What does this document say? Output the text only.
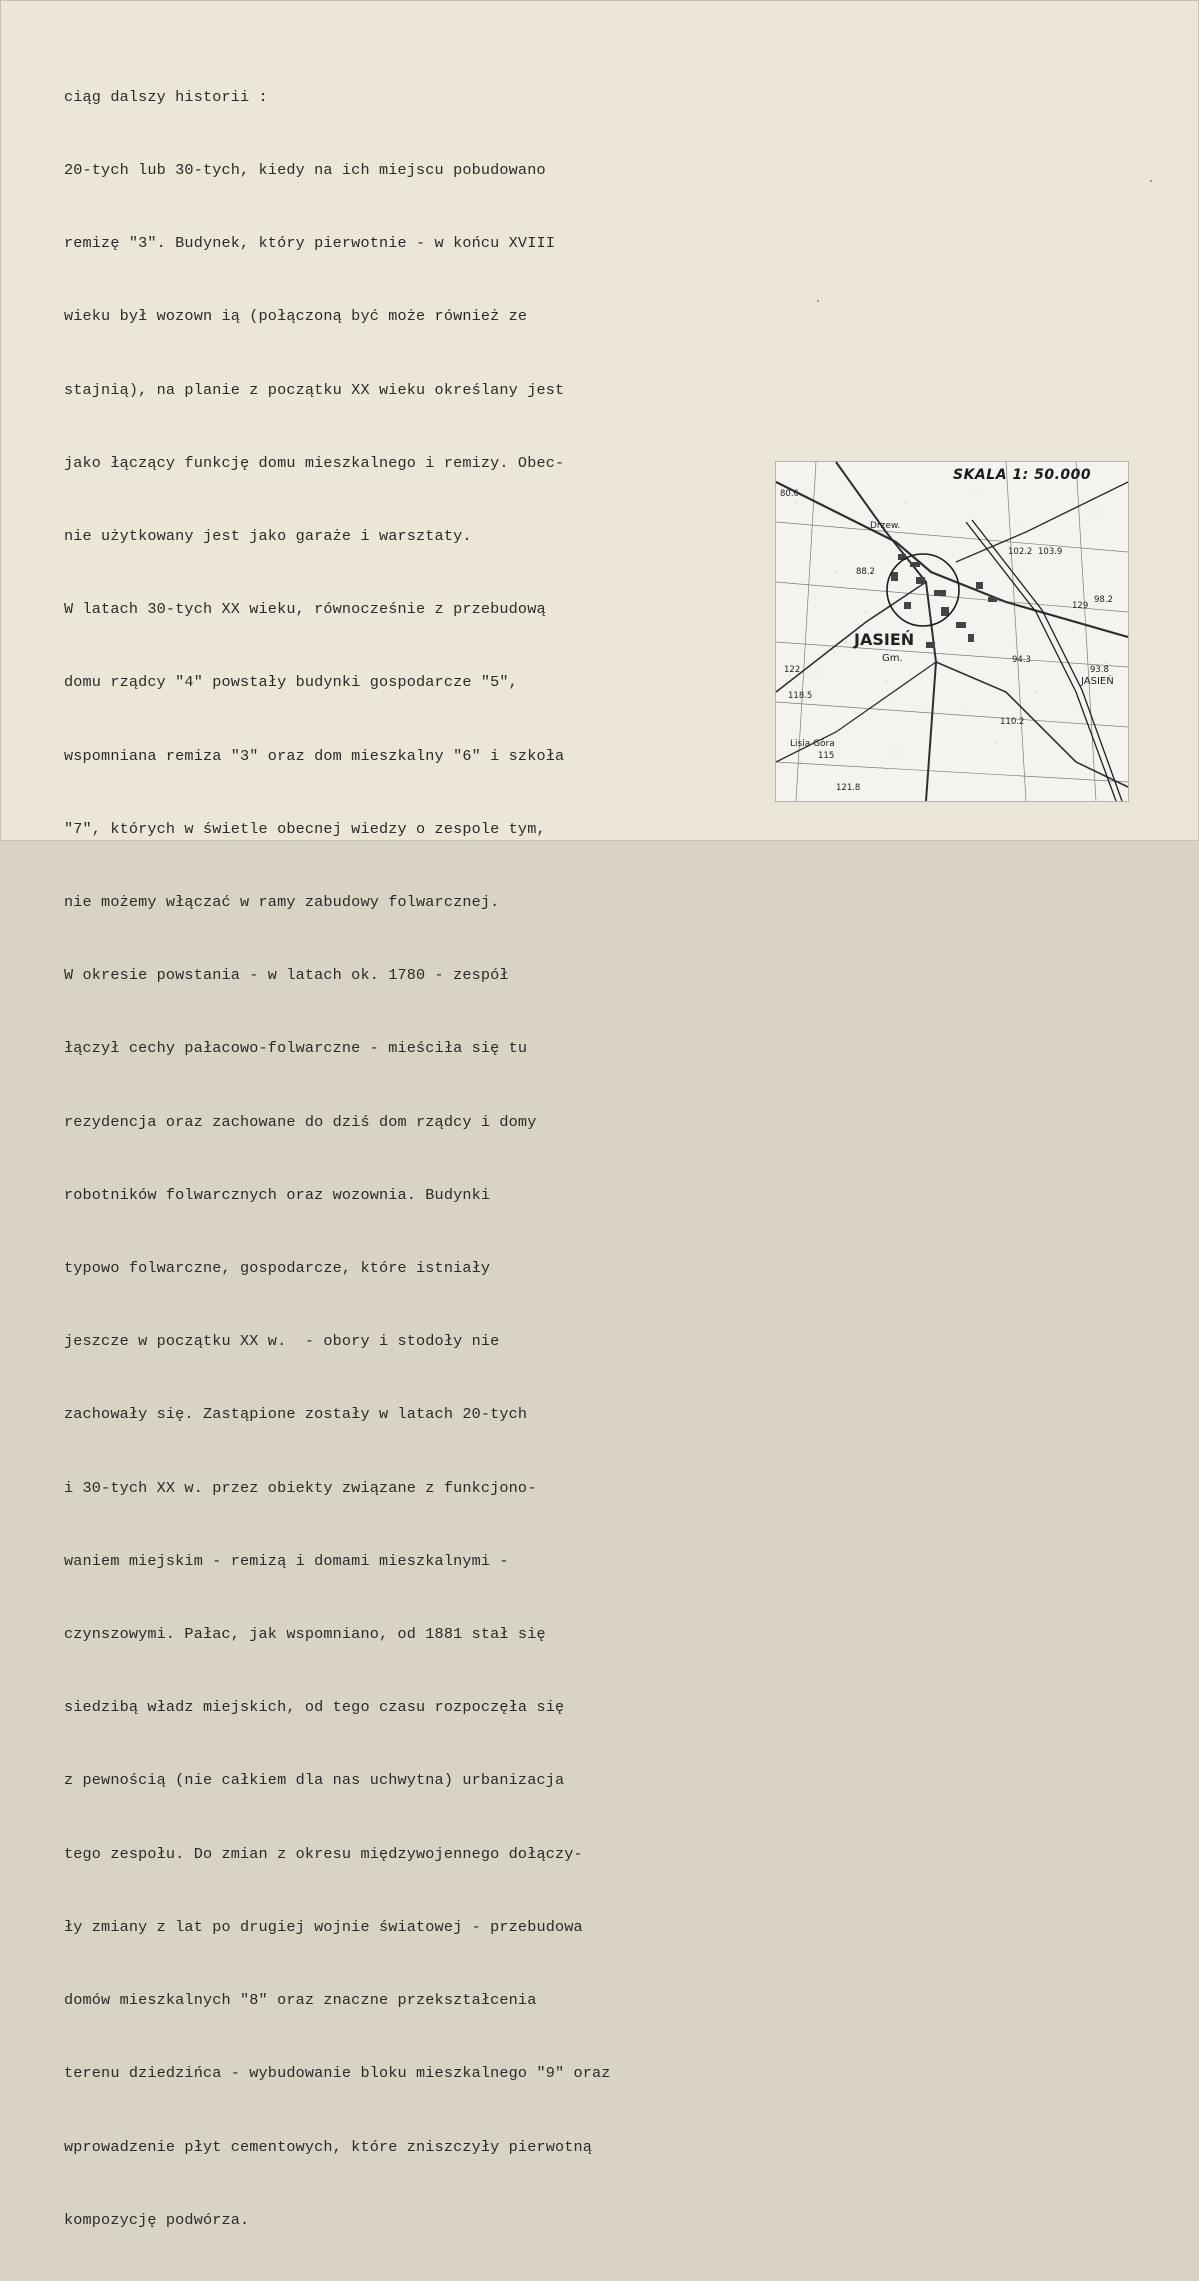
ciąg dalszy historii :

20-tych lub 30-tych, kiedy na ich miejscu pobudowano

remizę "3". Budynek, który pierwotnie - w końcu XVIII

wieku był wozown ią (połączoną być może również ze

stajnią), na planie z początku XX wieku określany jest

jako łączący funkcję domu mieszkalnego i remizy. Obec-

nie użytkowany jest jako garaże i warsztaty.

W latach 30-tych XX wieku, równocześnie z przebudową

domu rządcy "4" powstały budynki gospodarcze "5",

wspomniana remiza "3" oraz dom mieszkalny "6" i szkoła

"7", których w świetle obecnej wiedzy o zespole tym,

nie możemy włączać w ramy zabudowy folwarcznej.

W okresie powstania - w latach ok. 1780 - zespół

łączył cechy pałacowo-folwarczne - mieściła się tu

rezydencja oraz zachowane do dziś dom rządcy i domy

robotników folwarcznych oraz wozownia. Budynki

typowo folwarczne, gospodarcze, które istniały

jeszcze w początku XX w.  - obory i stodoły nie

zachowały się. Zastąpione zostały w latach 20-tych

i 30-tych XX w. przez obiekty związane z funkcjono-

waniem miejskim - remizą i domami mieszkalnymi -

czynszowymi. Pałac, jak wspomniano, od 1881 stał się

siedzibą władz miejskich, od tego czasu rozpoczęła się

z pewnością (nie całkiem dla nas uchwytna) urbanizacja

tego zespołu. Do zmian z okresu międzywojennego dołączy-

ły zmiany z lat po drugiej wojnie światowej - przebudowa

domów mieszkalnych "8" oraz znaczne przekształcenia

terenu dziedzińca - wybudowanie bloku mieszkalnego "9" oraz

wprowadzenie płyt cementowych, które zniszczyły pierwotną

kompozycję podwórza.

JASIEŃ
Gm.
JASIEŃ
Lisia Góra
Drzew.
80.6
103.9
98.2
94.3
93.8
110.2
121.8
122
118.5
115
88.2
102.2
129
SKALA 1: 50.000
